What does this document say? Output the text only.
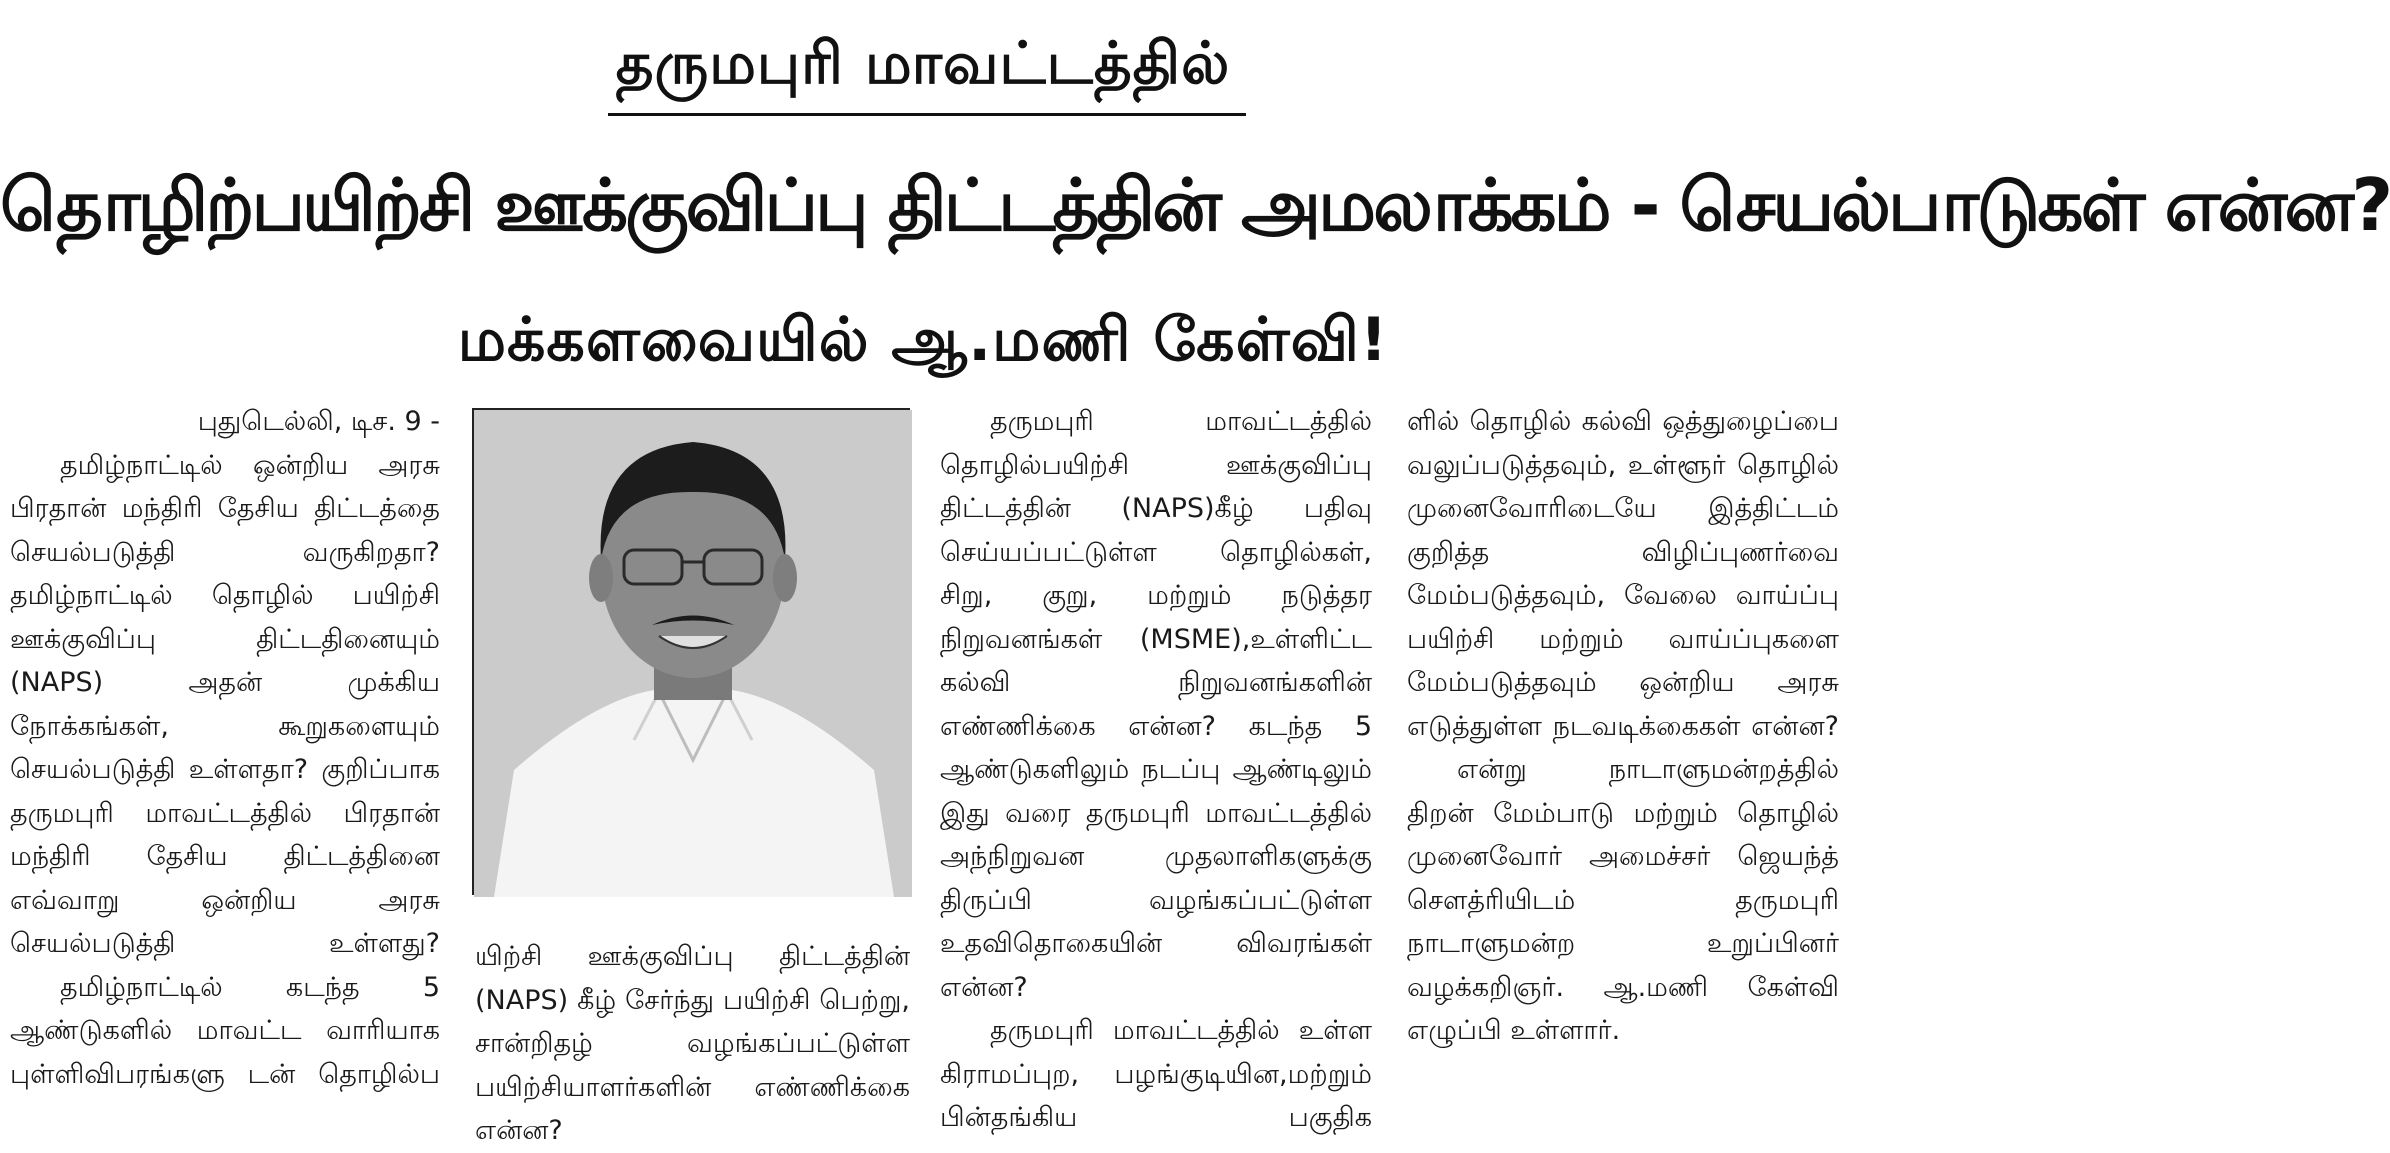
தருமபுரி மாவட்டத்தில்
தொழிற்பயிற்சி ஊக்குவிப்பு திட்டத்தின் அமலாக்கம் - செயல்பாடுகள் என்ன?
மக்களவையில் ஆ.மணி கேள்வி!

புதுடெல்லி, டிச. 9 -

தமிழ்நாட்டில் ஒன்றிய அரசு பிரதான் மந்திரி தேசிய திட்டத்தை செயல்படுத்தி வருகிறதா? தமிழ்நாட்டில் தொழில் பயிற்சி ஊக்குவிப்பு திட்டதினையும் (NAPS) அதன் முக்கிய நோக்கங்கள், கூறுகளையும் செயல்படுத்தி உள்ளதா? குறிப்பாக தருமபுரி மாவட்டத்தில் பிரதான் மந்திரி தேசிய திட்டத்தினை எவ்வாறு ஒன்றிய அரசு செயல்படுத்தி உள்ளது?

தமிழ்நாட்டில் கடந்த 5 ஆண்டுகளில் மாவட்ட வாரியாக புள்ளிவிபரங்களு டன் தொழில்ப

யிற்சி ஊக்குவிப்பு திட்டத்தின் (NAPS) கீழ் சேர்ந்து பயிற்சி பெற்று, சான்றிதழ் வழங்கப்பட்டுள்ள பயிற்சியாளர்களின் எண்ணிக்கை என்ன?

தருமபுரி மாவட்டத்தில் தொழில்பயிற்சி ஊக்குவிப்பு திட்டத்தின் (NAPS)கீழ் பதிவு செய்யப்பட்டுள்ள தொழில்கள், சிறு, குறு, மற்றும் நடுத்தர நிறுவனங்கள் (MSME),உள்ளிட்ட கல்வி நிறுவனங்களின் எண்ணிக்கை என்ன? கடந்த 5 ஆண்டுகளிலும் நடப்பு ஆண்டிலும் இது வரை தருமபுரி மாவட்டத்தில் அந்நிறுவன முதலாளிகளுக்கு திருப்பி வழங்கப்பட்டுள்ள உதவிதொகையின் விவரங்கள் என்ன?

தருமபுரி மாவட்டத்தில் உள்ள கிராமப்புற, பழங்குடியின,மற்றும் பின்தங்கிய பகுதிக

ளில் தொழில் கல்வி ஒத்துழைப்பை வலுப்படுத்தவும், உள்ளூர் தொழில் முனைவோரிடையே இத்திட்டம் குறித்த விழிப்புணர்வை மேம்படுத்தவும், வேலை வாய்ப்பு பயிற்சி மற்றும் வாய்ப்புகளை மேம்படுத்தவும் ஒன்றிய அரசு எடுத்துள்ள நடவடிக்கைகள் என்ன?

என்று நாடாளுமன்றத்தில் திறன் மேம்பாடு மற்றும் தொழில் முனைவோர் அமைச்சர் ஜெயந்த் சௌத்ரியிடம் தருமபுரி நாடாளுமன்ற உறுப்பினர் வழக்கறிஞர். ஆ.மணி கேள்வி எழுப்பி உள்ளார்.
